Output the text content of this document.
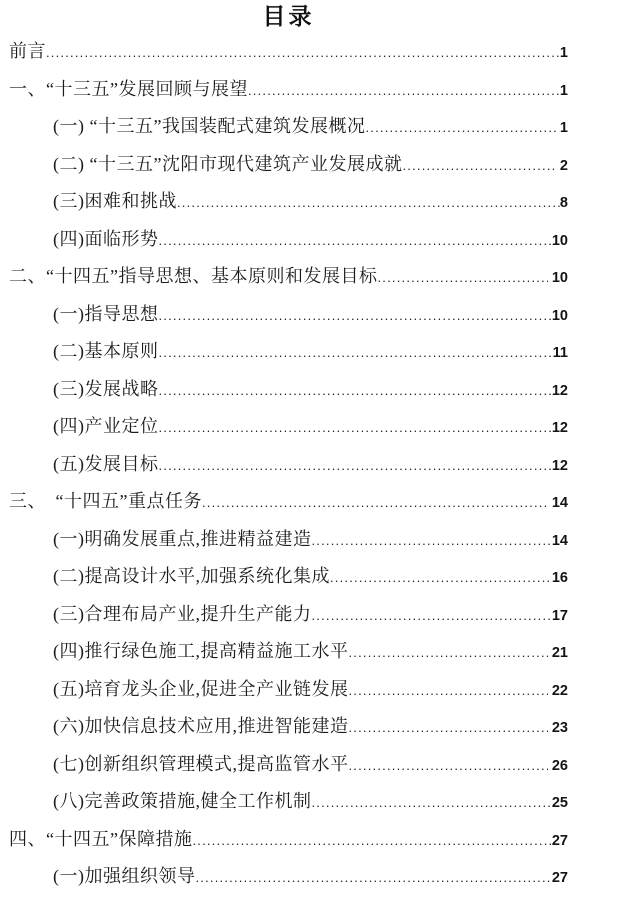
目录
前言 .....	1
一、“十三五”发展回顾与展望 .....	1
(一) “十三五”我国装配式建筑发展概况 .....	1
(二) “十三五”沈阳市现代建筑产业发展成就 .....	2
(三)困难和挑战 .....	8
(四)面临形势 .....	10
二、“十四五”指导思想、基本原则和发展目标 .....	10
(一)指导思想 .....	10
(二)基本原则 .....	11
(三)发展战略 .....	12
(四)产业定位 .....	12
(五)发展目标 .....	12
三、　“十四五”重点任务 .....	14
(一)明确发展重点,推进精益建造 .....	14
(二)提高设计水平,加强系统化集成 .....	16
(三)合理布局产业,提升生产能力 .....	17
(四)推行绿色施工,提高精益施工水平 .....	21
(五)培育龙头企业,促进全产业链发展 .....	22
(六)加快信息技术应用,推进智能建造 .....	23
(七)创新组织管理模式,提高监管水平 .....	26
(八)完善政策措施,健全工作机制 .....	25
四、“十四五”保障措施 .....	27
(一)加强组织领导 .....	27
